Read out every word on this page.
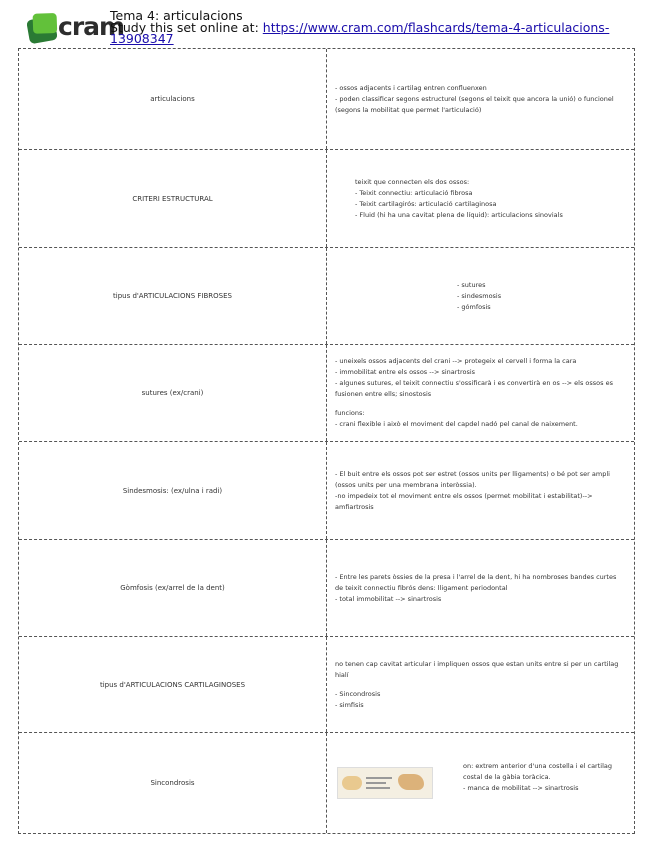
cram
Tema 4: articulacions
Study this set online at: https://www.cram.com/flashcards/tema-4-articulacions-13908347
articulacions

- ossos adjacents i cartilag entren confluenxen

- poden classificar segons estructurel (segons el teixit que ancora la unió) o funcionel (segons la mobilitat que permet l'articulació)

CRITERI ESTRUCTURAL

teixit que connecten els dos ossos:

- Teixit connectiu: articulació fibrosa

- Teixit cartilagirós: articulació cartilaginosa

- Fluid (hi ha una cavitat plena de líquid): articulacions sinovials

tipus d'ARTICULACIONS FIBROSES

- sutures

- sindesmosis

- gómfosis

sutures (ex/crani)

- uneixels ossos adjacents del crani --> protegeix el cervell i forma la cara

- immobilitat entre els ossos --> sinartrosis

- algunes sutures, el teixit connectiu s'ossificarà i es convertirà en os --> els ossos es fusionen entre ells; sinostosis

funcions:

- crani flexible i això el moviment del capdel nadó pel canal de naixement.

Sindesmosis: (ex/ulna i radi)

- El buit entre els ossos pot ser estret (ossos units per lligaments) o bé pot ser ampli (ossos units per una membrana interòssia).

-no impedeix tot el moviment entre els ossos (permet mobilitat i estabilitat)--> amfiartrosis

Gòmfosis (ex/arrel de la dent)

- Entre les parets òssies de la presa i l'arrel de la dent, hi ha nombroses bandes curtes de teixit connectiu fibrós dens: lligament periodontal

- total immobilitat --> sinartrosis

tipus d'ARTICULACIONS CARTILAGINOSES

no tenen cap cavitat articular i impliquen ossos que estan units entre si per un cartilag hialí

- Sincondrosis

- simfisis

Sincondrosis

on: extrem anterior d'una costella i el cartilag costal de la gàbia toràcica.

- manca de mobilitat --> sinartrosis
